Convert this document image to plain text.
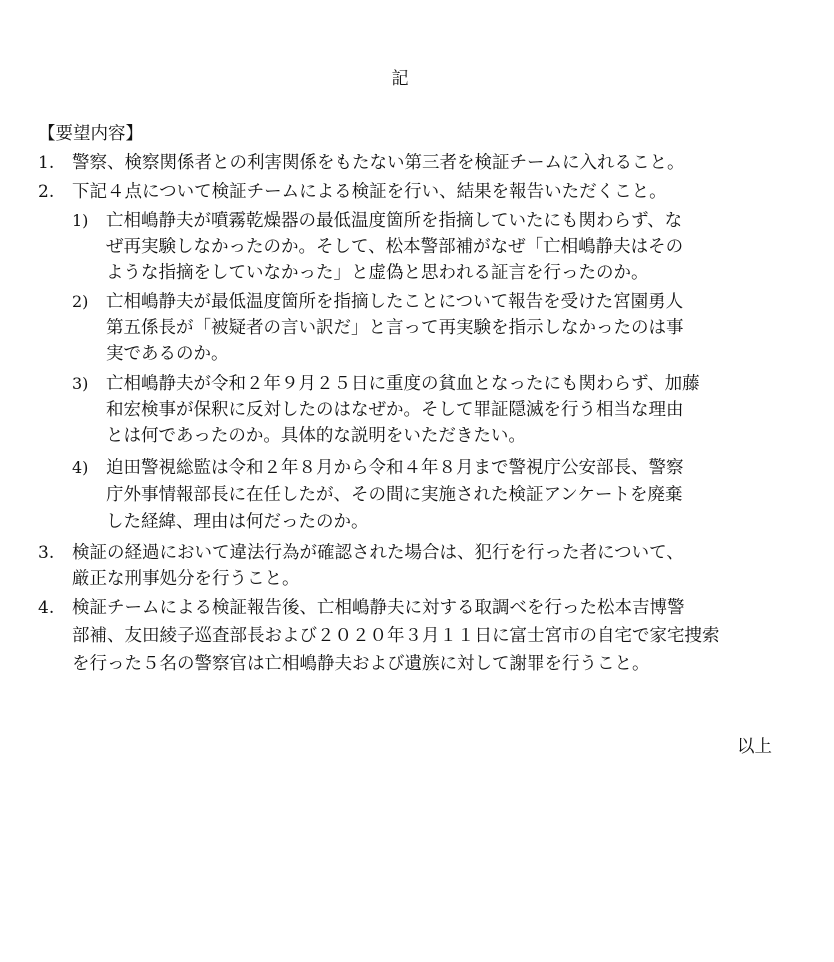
記
【要望内容】
1. 警察、検察関係者との利害関係をもたない第三者を検証チームに入れること。
2. 下記４点について検証チームによる検証を行い、結果を報告いただくこと。
1) 亡相嶋静夫が噴霧乾燥器の最低温度箇所を指摘していたにも関わらず、な
ぜ再実験しなかったのか。そして、松本警部補がなぜ「亡相嶋静夫はその
ような指摘をしていなかった」と虚偽と思われる証言を行ったのか。
2) 亡相嶋静夫が最低温度箇所を指摘したことについて報告を受けた宮園勇人
第五係長が「被疑者の言い訳だ」と言って再実験を指示しなかったのは事
実であるのか。
3) 亡相嶋静夫が令和２年９月２５日に重度の貧血となったにも関わらず、加藤
和宏検事が保釈に反対したのはなぜか。そして罪証隠滅を行う相当な理由
とは何であったのか。具体的な説明をいただきたい。
4) 迫田警視総監は令和２年８月から令和４年８月まで警視庁公安部長、警察
庁外事情報部長に在任したが、その間に実施された検証アンケートを廃棄
した経緯、理由は何だったのか。
3. 検証の経過において違法行為が確認された場合は、犯行を行った者について、
厳正な刑事処分を行うこと。
4. 検証チームによる検証報告後、亡相嶋静夫に対する取調べを行った松本吉博警
部補、友田綾子巡査部長および２０２０年３月１１日に富士宮市の自宅で家宅捜索
を行った５名の警察官は亡相嶋静夫および遺族に対して謝罪を行うこと。
以上
